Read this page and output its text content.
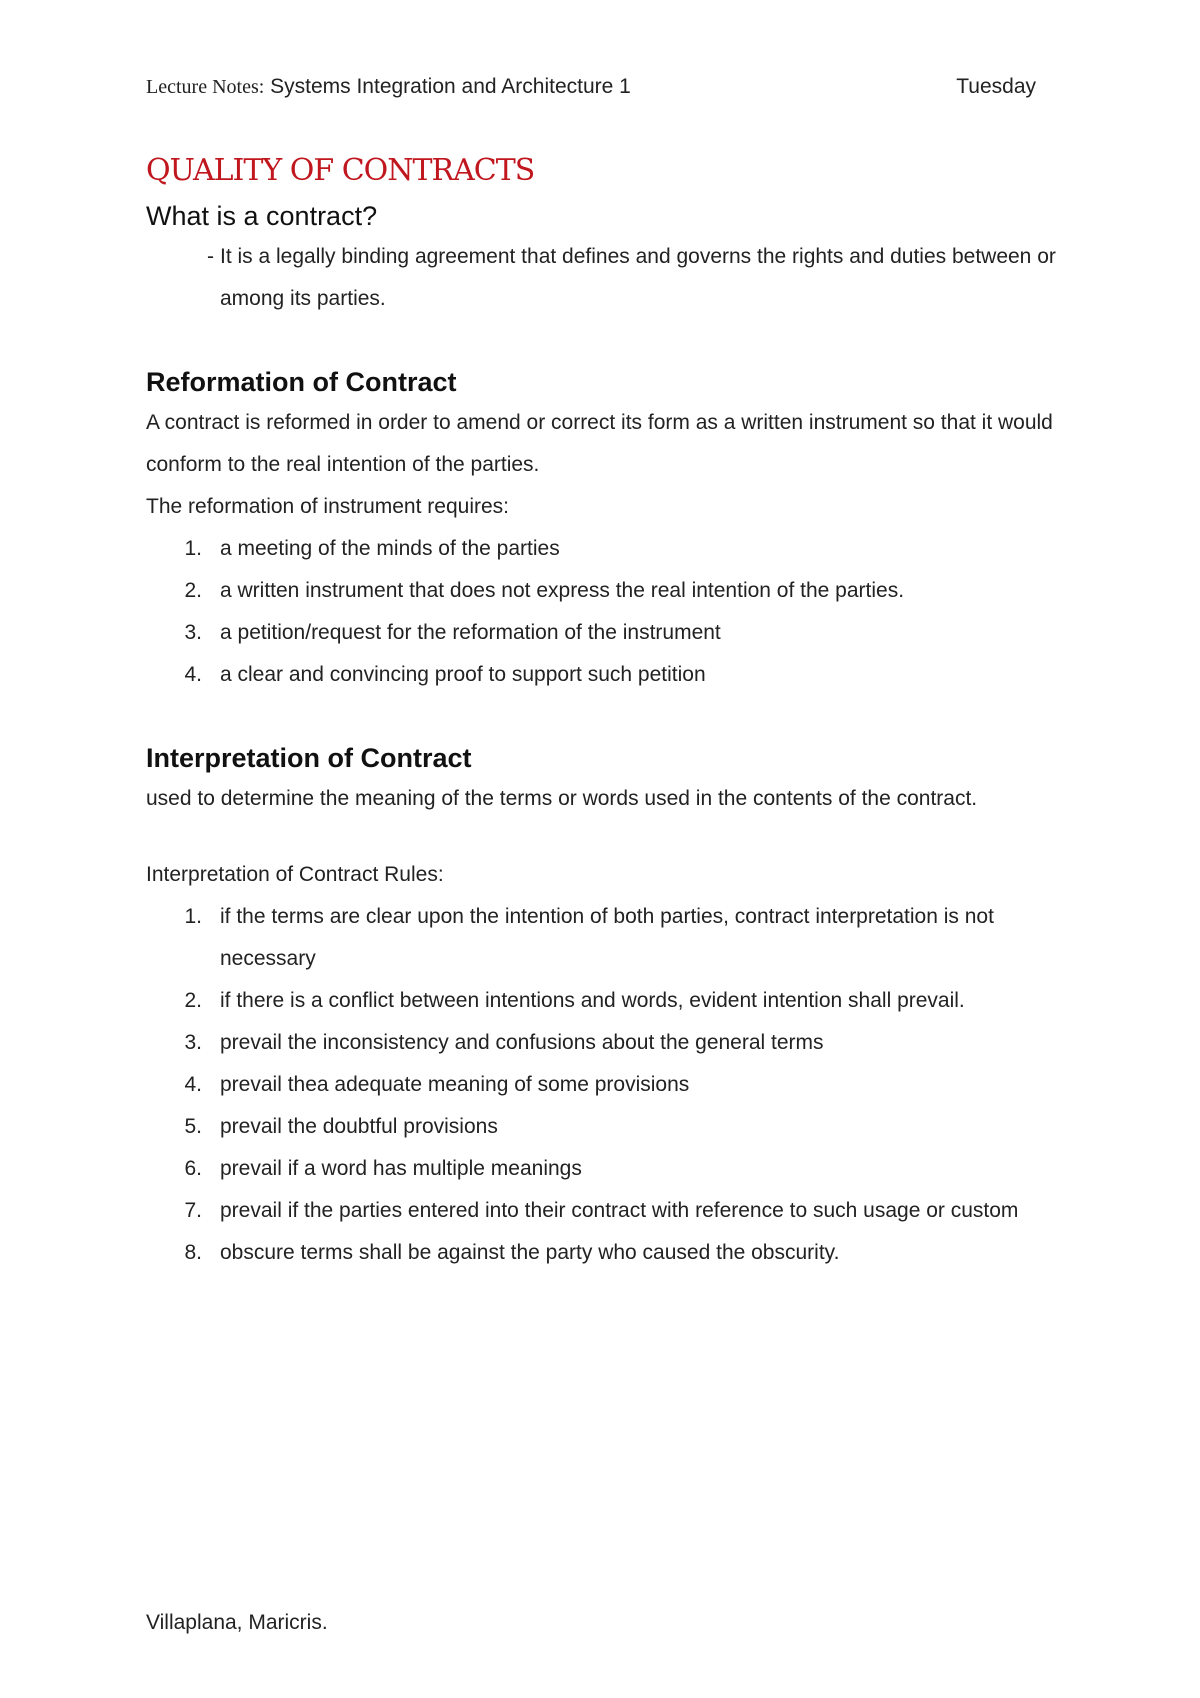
Lecture Notes: Systems Integration and Architecture 1	Tuesday
QUALITY OF CONTRACTS
What is a contract?
- It is a legally binding agreement that defines and governs the rights and duties between or among its parties.
Reformation of Contract

A contract is reformed in order to amend or correct its form as a written instrument so that it would conform to the real intention of the parties.

The reformation of instrument requires:

1. a meeting of the minds of the parties
2. a written instrument that does not express the real intention of the parties.
3. a petition/request for the reformation of the instrument
4. a clear and convincing proof to support such petition
Interpretation of Contract

used to determine the meaning of the terms or words used in the contents of the contract.

Interpretation of Contract Rules:

1. if the terms are clear upon the intention of both parties, contract interpretation is not necessary
2. if there is a conflict between intentions and words, evident intention shall prevail.
3. prevail the inconsistency and confusions about the general terms
4. prevail thea adequate meaning of some provisions
5. prevail the doubtful provisions
6. prevail if a word has multiple meanings
7. prevail if the parties entered into their contract with reference to such usage or custom
8. obscure terms shall be against the party who caused the obscurity.
Villaplana, Maricris.
